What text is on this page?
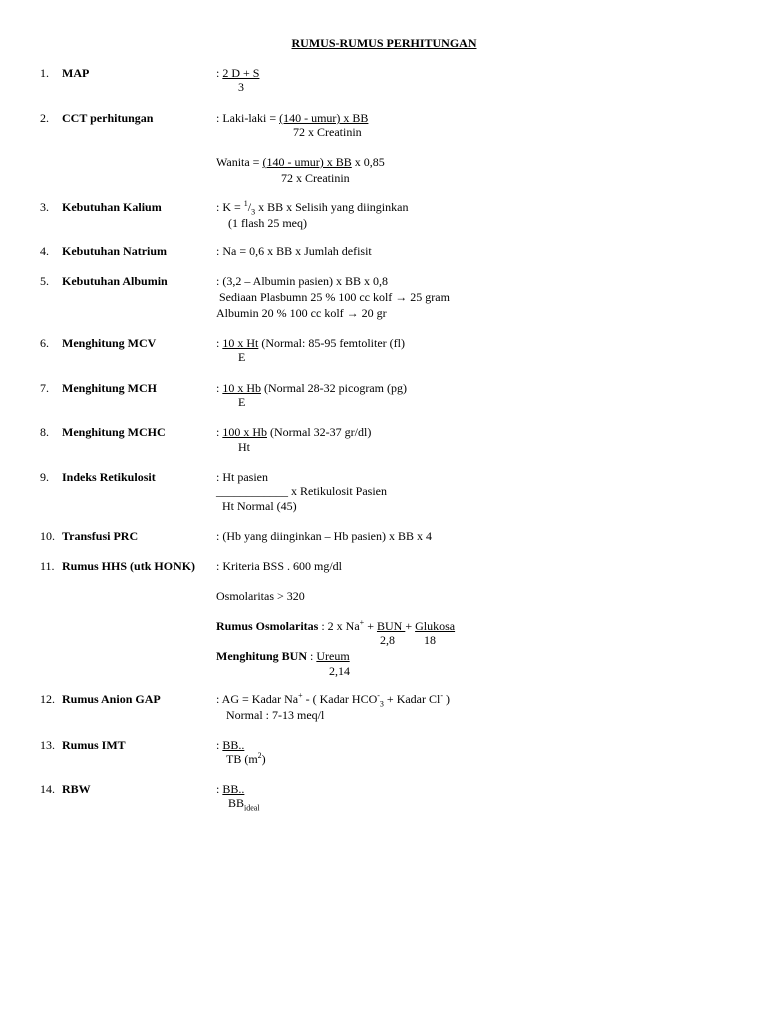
RUMUS-RUMUS PERHITUNGAN
1. MAP
2. CCT perhitungan
3. Kebutuhan Kalium
4. Kebutuhan Natrium
5. Kebutuhan Albumin
6. Menghitung MCV
7. Menghitung MCH
8. Menghitung MCHC
9. Indeks Retikulosit
10. Transfusi PRC
11. Rumus HHS (utk HONK)
12. Rumus Anion GAP
13. Rumus IMT
14. RBW
: 2 D + S
3
: Laki-laki = (140 - umur) x BB
72 x Creatinin
Wanita = (140 - umur) x BB x 0,85
72 x Creatinin
: $K = ^1/_3$ x BB x Selisih yang diinginkan
(1 flash 25 meq)
: Na = 0,6 x BB x Jumlah defisit
: (3,2 – Albumin pasien) x BB x 0,8
Sediaan Plasbumn 25 % 100 cc kolf → 25 gram
Albumin 20 % 100 cc kolf → 20 gr
: 10 x Ht (Normal: 85-95 femtoliter (fl)
E
: 10 x Hb (Normal 28-32 picogram (pg)
E
: 100 x Hb (Normal 32-37 gr/dl)
Ht
: Ht pasien
____________ x Retikulosit Pasien
Ht Normal (45)
: (Hb yang diinginkan – Hb pasien) x BB x 4
: Kriteria BSS . 600 mg/dl
Osmolaritas > 320
Rumus Osmolaritas : 2 x Na+ + BUN + Glukosa
2,8 18
Menghitung BUN : Ureum
2,14
: AG = Kadar Na+ - ( Kadar $HCO^-_3$ + Kadar Cl- )
Normal : 7-13 meq/l
: BB..
TB $(m^2)$
: BB..
$BB_{ideal}$
